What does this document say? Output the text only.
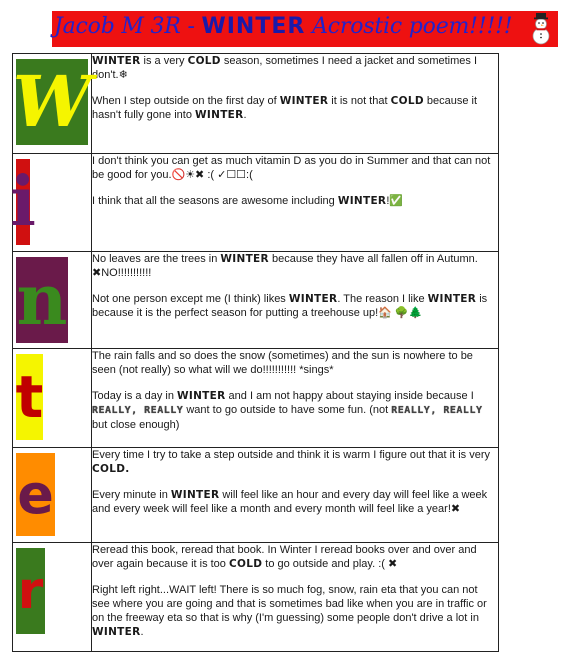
Jacob M 3R - WINTER Acrostic poem!!!!!
W	WINTER is a very COLD season, sometimes I need a jacket and sometimes I don't.❄

When I step outside on the first day of WINTER it is not that COLD because it hasn't fully gone into WINTER.

i	I don't think you can get as much vitamin D as you do in Summer and that can not be good for you.🚫☀✖ :( ✓☐☐:(

I think that all the seasons are awesome including WINTER!✅

n	No leaves are the trees in WINTER because they have all fallen off in Autumn. ✖NO!!!!!!!!!!!

Not one person except me (I think) likes WINTER. The reason I like WINTER is because it is the perfect season for putting a treehouse up!🏠 🌳🌲

t	The rain falls and so does the snow (sometimes) and the sun is nowhere to be seen (not really) so what will we do!!!!!!!!!!! *sings*

Today is a day in WINTER and I am not happy about staying inside because I REALLY, REALLY want to go outside to have some fun. (not REALLY, REALLY but close enough)

e	Every time I try to take a step outside and think it is warm I figure out that it is very COLD.

Every minute in WINTER will feel like an hour and every day will feel like a week and every week will feel like a month and every month will feel like a year!✖

r	Reread this book, reread that book. In Winter I reread books over and over and over again because it is too COLD to go outside and play. :( ✖

Right left right...WAIT left! There is so much fog, snow, rain eta that you can not see where you are going and that is sometimes bad like when you are in traffic or on the freeway eta so that is why (I'm guessing) some people don't drive a lot in WINTER.
